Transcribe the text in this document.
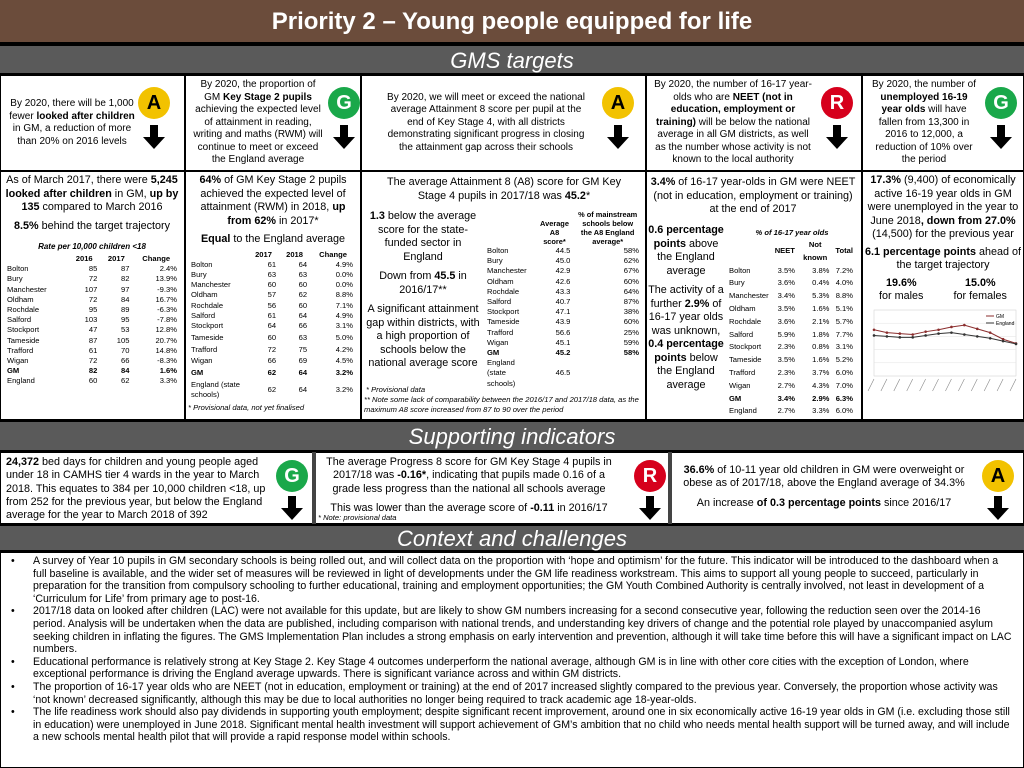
Priority 2 – Young people equipped for life
GMS targets
By 2020, there will be 1,000 fewer looked after children in GM, a reduction of more than 20% on 2016 levels
A
By 2020, the proportion of GM Key Stage 2 pupils achieving the expected level of attainment in reading, writing and maths (RWM) will continue to meet or exceed the England average
G	By 2020, we will meet or exceed the national average Attainment 8 score per pupil at the end of Key Stage 4, with all districts demonstrating significant progress in closing the attainment gap across their schools
A
By 2020, the number of 16-17 year-olds who are NEET (not in education, employment or training) will be below the national average in all GM districts, as well as the number whose activity is not known to the local authority
R
By 2020, the number of unemployed 16-19 year olds will have fallen from 13,300 in 2016 to 12,000, a reduction of 10% over the period
G
As of March 2017, there were 5,245 looked after children in GM, up by 135 compared to March 2016
8.5% behind the target trajectory
Rate per 10,000 children <18
	2016	2017	Change
Bolton	85	87	2.4%
Bury	72	82	13.9%
Manchester	107	97	-9.3%
Oldham	72	84	16.7%
Rochdale	95	89	-6.3%
Salford	103	95	-7.8%
Stockport	47	53	12.8%
Tameside	87	105	20.7%
Trafford	61	70	14.8%
Wigan	72	66	-8.3%
GM	82	84	1.6%
England	60	62	3.3%
64% of GM Key Stage 2 pupils achieved the expected level of attainment (RWM) in 2018, up from 62% in 2017*
Equal to the England average
	2017	2018	Change
Bolton	61	64	4.9%
Bury	63	63	0.0%
Manchester	60	60	0.0%
Oldham	57	62	8.8%
Rochdale	56	60	7.1%
Salford	61	64	4.9%
Stockport	64	66	3.1%

Tameside	60	63	5.0%

Trafford	72	75	4.2%
Wigan	66	69	4.5%

GM	62	64	3.2%

England (state schools)	62	64	3.2%
* Provisional data, not yet finalised
The average Attainment 8 (A8) score for GM Key Stage 4 pupils in 2017/18 was 45.2*
1.3 below the average score for the state-funded sector in England
Down from 45.5 in 2016/17**
A significant attainment gap within districts, with a high proportion of schools below the national average score
	Average A8 score*	% of mainstream schools below the A8 England average*
Bolton	44.5	58%
Bury	45.0	62%
Manchester	42.9	67%
Oldham	42.6	60%
Rochdale	43.3	64%
Salford	40.7	87%
Stockport	47.1	38%
Tameside	43.9	60%
Trafford	56.6	25%
Wigan	45.1	59%
GM	45.2	58%
England (state schools)	46.5	
* Provisional data
** Note some lack of comparability between the 2016/17 and 2017/18 data, as the maximum A8 score increased from 87 to 90 over the period
3.4% of 16-17 year-olds in GM were NEET (not in education, employment or training) at the end of 2017
0.6 percentage points above the England average
The activity of a further 2.9% of 16-17 year olds was unknown, 0.4 percentage points below the England average
% of 16-17 year olds
	NEET	Not known	Total
Bolton	3.5%	3.8%	7.2%
Bury	3.6%	0.4%	4.0%
Manchester	3.4%	5.3%	8.8%
Oldham	3.5%	1.6%	5.1%
Rochdale	3.6%	2.1%	5.7%
Salford	5.9%	1.8%	7.7%
Stockport	2.3%	0.8%	3.1%
Tameside	3.5%	1.6%	5.2%
Trafford	2.3%	3.7%	6.0%
Wigan	2.7%	4.3%	7.0%
GM	3.4%	2.9%	6.3%
England	2.7%	3.3%	6.0%
17.3% (9,400) of economically active 16-19 year olds in GM were unemployed in the year to June 2018, down from 27.0% (14,500) for the previous year
6.1 percentage points ahead of the target trajectory
19.6%
for males
15.0%
for females
GM
England
Supporting indicators
24,372 bed days for children and young people aged under 18 in CAMHS tier 4 wards in the year to March 2018. This equates to 384 per 10,000 children <18, up from 252 for the previous year, but below the England average for the year to March 2018 of 392
G
The average Progress 8 score for GM Key Stage 4 pupils in 2017/18 was -0.16*, indicating that pupils made 0.16 of a grade less progress than the national all schools average

This was lower than the average score of -0.11 in 2016/17
* Note: provisional data
R	36.6% of 10-11 year old children in GM were overweight or obese as of 2017/18, above the England average of 34.3%

An increase of 0.3 percentage points since 2016/17
A
Context and challenges
• A survey of Year 10 pupils in GM secondary schools is being rolled out, and will collect data on the proportion with ‘hope and optimism’ for the future. This indicator will be introduced to the dashboard when a full baseline is available, and the wider set of measures will be reviewed in light of developments under the GM life readiness workstream. This aims to support all young people to succeed, particularly in preparation for the transition from compulsory schooling to further educational, training and employment opportunities; the GM Youth Combined Authority is centrally involved, not least in development of a ‘Curriculum for Life’ from primary age to post-16.
• 2017/18 data on looked after children (LAC) were not available for this update, but are likely to show GM numbers increasing for a second consecutive year, following the reduction seen over the 2014-16 period. Analysis will be undertaken when the data are published, including comparison with national trends, and understanding key drivers of change and the potential role played by unaccompanied asylum seeking children in inflating the figures. The GMS Implementation Plan includes a strong emphasis on early intervention and prevention, although it will take time before this will have a significant impact on LAC numbers.
• Educational performance is relatively strong at Key Stage 2. Key Stage 4 outcomes underperform the national average, although GM is in line with other core cities with the exception of London, where exceptional performance is driving the England average upwards. There is significant variance across and within GM districts.
• The proportion of 16-17 year olds who are NEET (not in education, employment or training) at the end of 2017 increased slightly compared to the previous year. Conversely, the proportion whose activity was ‘not known’ decreased significantly, although this may be due to local authorities no longer being required to track academic age 18-year-olds.
• The life readiness work should also pay dividends in supporting youth employment; despite significant recent improvement, around one in six economically active 16-19 year olds in GM (i.e. excluding those still in education) were unemployed in June 2018. Significant mental health investment will support achievement of GM’s ambition that no child who needs mental health support will be turned away, and will include a new schools mental health pilot that will provide a rapid response model within schools.
